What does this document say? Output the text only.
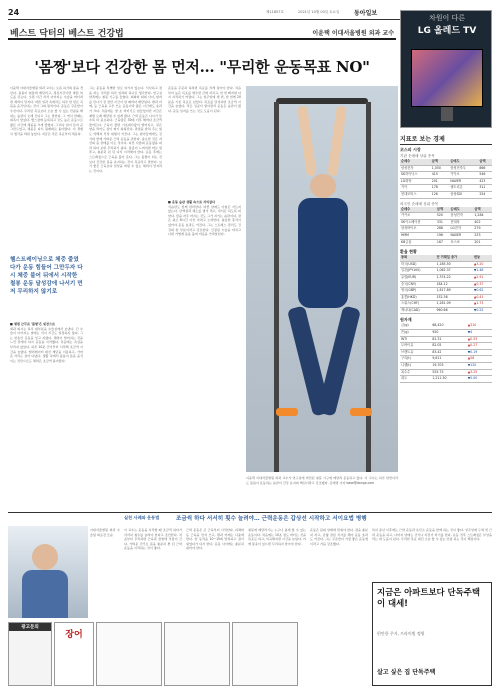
24	제11857호	2021년 10월 00일 토요일 동아일보
베스트 닥터의 베스트 건강법	이윤택 이대서울병원 외과 교수
'몸짱'보다 건강한 몸 먼저… "무리한 운동목표 NO"
이윤택 이대서울병원 외과 교수는 요즘 하기의 통을 견딘다. 틈틈이 철봉에 매달리고, 점심시간이면 병원 복도를 걷는다. 오랜 시간 서서 이어지는 수술을 버티려면 체력이 먼저다. 바쁜 일과 속에서도 하루 한 번은 꼭 몸을 움직인다는 것이 그의 원칙이다. 운동은 꾸준함이 우선이다. 무리한 목표보다 오늘 할 수 있는 만큼을 해내는 습관이 오래 간다고 그는 말한다. 그 역시 한때는 의욕이 앞섰다. 헬스장에 등록하고 강도 높은 운동으로 짧은 시간에 체중을 크게 줄였다. 그러나 힘이 들자 곧 그만두었고, 체중은 다시 원래대로 돌아왔다. 이 경험이 생각을 바꿔 놓았다. 지금은 작은 목표부터 세운다.
헬스트레이닝으로 체중 줄였다가 운동 힘들어 그만두자 다시 체중 불어 뒤에서 시작한 철봉 운동 달성감에 나서기 먼저 무리하지 않기로
■ 병원 근무로 '몸짱'은 뒷전으로
외과 의사는 하루 대부분을 수술실에서 보낸다. 긴 수술이 이어지는 날에는 식사 시간도 일정하지 않다. 그는 한동안 운동을 잊고 지냈다. 체력이 떨어지는 것을 느낀 뒤에야 다시 운동을 시작했다. 처음에는 욕심을 부리지 않았다. 하루 10분 걷기부터 시작해 조금씩 시간을 늘렸다. 엘리베이터 대신 계단을 이용하고, 가까운 거리는 걸어 다녔다. 생활 속에서 틈틈이 몸을 움직이는 것만으로도 체력은 조금씩 돌아왔다.
그는 운동을 특별한 일로 여기지 않는다. 식사하고 잠을 자는 것처럼 하루 일과의 하나로 생각한다. 연구실 한쪽에는 철봉 기구를 들였다. 회의와 회의 사이, 환자를 만나기 전 잠깐 시간이 날 때마다 매달린다. 팔과 어깨, 등 근육을 고루 쓰는 운동이라 짧은 시간에도 효과가 크다. 처음에는 몇 초 버티기도 힘들었지만 지금은 제법 오래 매달릴 수 있게 됐다. 근력 운동은 나이가 들수록 더 중요하다. 근육량은 30대 이후 해마다 조금씩 줄어든다. 근육이 줄면 기초대사량이 떨어지고, 같은 양을 먹어도 살이 찌기 쉬워진다. 관절을 받쳐 주는 힘도 약해져 부상 위험이 커진다. 그는 환자들에게도 걷기와 함께 가벼운 근력 운동을 권한다. 중요한 것은 자신의 몸 상태를 아는 것이다. 다른 사람의 운동량을 따라 하다 보면 무리하기 쉽다. 통증이 느껴지면 바로 멈추고, 충분히 쉰 뒤 다시 시작해야 한다. 운동 후에는 스트레칭으로 근육을 풀어 준다. 그는 몸짱이 되는 것보다 건강한 몸을 유지하는 것이 목표라고 말한다. 보기 좋은 근육보다 일상을 버틸 수 있는 체력이 먼저라는 것이다.
운동을 꾸준히 하려면 목표를 작게 잡아야 한다. 처음부터 높은 목표를 세우면 금세 지치고, 한 번 빠지면 다시 시작하기 어렵다. 그는 일주일에 세 번, 한 번에 20분을 기본 목표로 삼았다. 목표를 달성하면 조금씩 시간을 늘렸다. 작은 성공이 쌓이면서 운동은 습관이 됐다. 운동 일지를 쓰는 것도 도움이 된다.
■ 운동 습관 생활 속으로 자리잡다
식습관도 함께 관리한다. 바쁜 날에도 아침은 거르지 않는다. 단백질과 채소를 챙겨 먹고, 야식은 되도록 피한다. 물을 자주 마시는 것도 그가 지키는 습관이다. 잠은 최소 6시간 이상 자려고 노력한다. 충분한 휴식이 있어야 운동 효과도 커진다. 그는 스트레스 관리도 건강의 한 부분이라고 강조한다. 긴장된 수술을 마치고 나면 가볍게 몸을 풀며 마음을 가라앉힌다.
이윤택 이대서울병원 외과 교수가 연구실에 마련된 철봉 기구에 매달려 운동하고 있다. 이 교수는 하루 한번이라도 틈틈이 운동하는 습관이 건강 유지의 핵심이라고 강조했다. 김재명 기자 base@donga.com
차원이 다른
LG 올레드 TV
지표로 보는 경제
코스피 시장
기관 순매매 상위 종목
순매수	금액	순매도	금액
삼성전자	1,050	삼성전자우	866
SK하이닉스	415	카카오	546
LG화학	201	NAVER	423
기아	178	셀트리온	311
현대모비스	126	삼성SDI	254
외국인 순매매 상위 종목
순매수	금액	순매도	금액
카카오	520	삼성전자	1,284
SK이노베이션	331	현대차	402
삼성바이오	288	LG전자	279
HMM	196	NAVER	233
KB금융	167	포스코	201
환율 현황
통화	전 거래일 종가	변동
미국(USD)	1,185.50	▲3.20
일본(JPY100)	1,062.37	▼1.48
유럽(EUR)	1,374.22	▲2.91
중국(CNY)	184.12	▲0.37
영국(GBP)	1,617.89	▼0.62
홍콩(HKD)	152.36	▲0.41
스위스(CHF)	1,281.09	▲1.73
캐나다(CAD)	960.66	▼0.25
원자재
금(g)	68,420	▲310
은(g)	920	▼4
WTI	81.31	▲0.53
두바이유	82.05	▲0.27
브렌트유	83.42	▼0.19
구리(t)	9,611	▲58
니켈(t)	19,705	▼120
옥수수	525.75	▲3.25
대두	1,211.50	▼5.00
실천 사례와 운동법	조금씩 하다 서서히 횟수 늘려야… 근력운동은 갑상선 시작하고 서이요법 병행
이대서울병원 외과 수술팀 의료진 모습
이 교수는 운동을 시작할 때 조금씩 하다가 서서히 횟수를 늘려야 한다고 조언한다. 처음부터 무리하면 근육과 관절에 부담이 간다. 가벼운 걷기로 몸을 충분히 푼 뒤 근력 운동을 시작하는 것이 좋다.
근력 운동은 큰 근육부터 시작한다. 하체와 등 근육을 먼저 쓰고, 팔과 어깨는 나중에 한다. 한 동작을 10~15회 반복하고 잠시 쉬었다가 다시 한다. 운동 사이에는 충분히 쉬어야 한다.
철봉에 매달리기는 누구나 쉽게 할 수 있는 운동이다. 처음에는 10초 정도 버티는 것을 목표로 하고, 익숙해지면 시간을 늘린다. 어깨 통증이 있으면 무리하지 말아야 한다.
운동은 몸의 상태에 맞춰야 한다. 잠을 충분히 자고, 균형 잡힌 식사를 해야 운동 효과도 커진다. 그는 꾸준함이 가장 좋은 운동법이라고 거듭 강조했다.
특히 중년 이후에는 근력 운동과 유산소 운동을 함께 하는 것이 좋다. 일주일에 두세 번 근력 운동을 하고, 나머지 날에는 걷기나 자전거 타기를 한다. 운동 전후 스트레칭은 부상을 막는 데 도움이 된다. 무리한 목표 대신 오늘 할 수 있는 만큼 하는 것이 핵심이다.
광고문의
장어
지금은 아파트보다 단독주택이 대세!
편안한 주거, 프라이빗 정원
살고 싶은 집 단독주택
